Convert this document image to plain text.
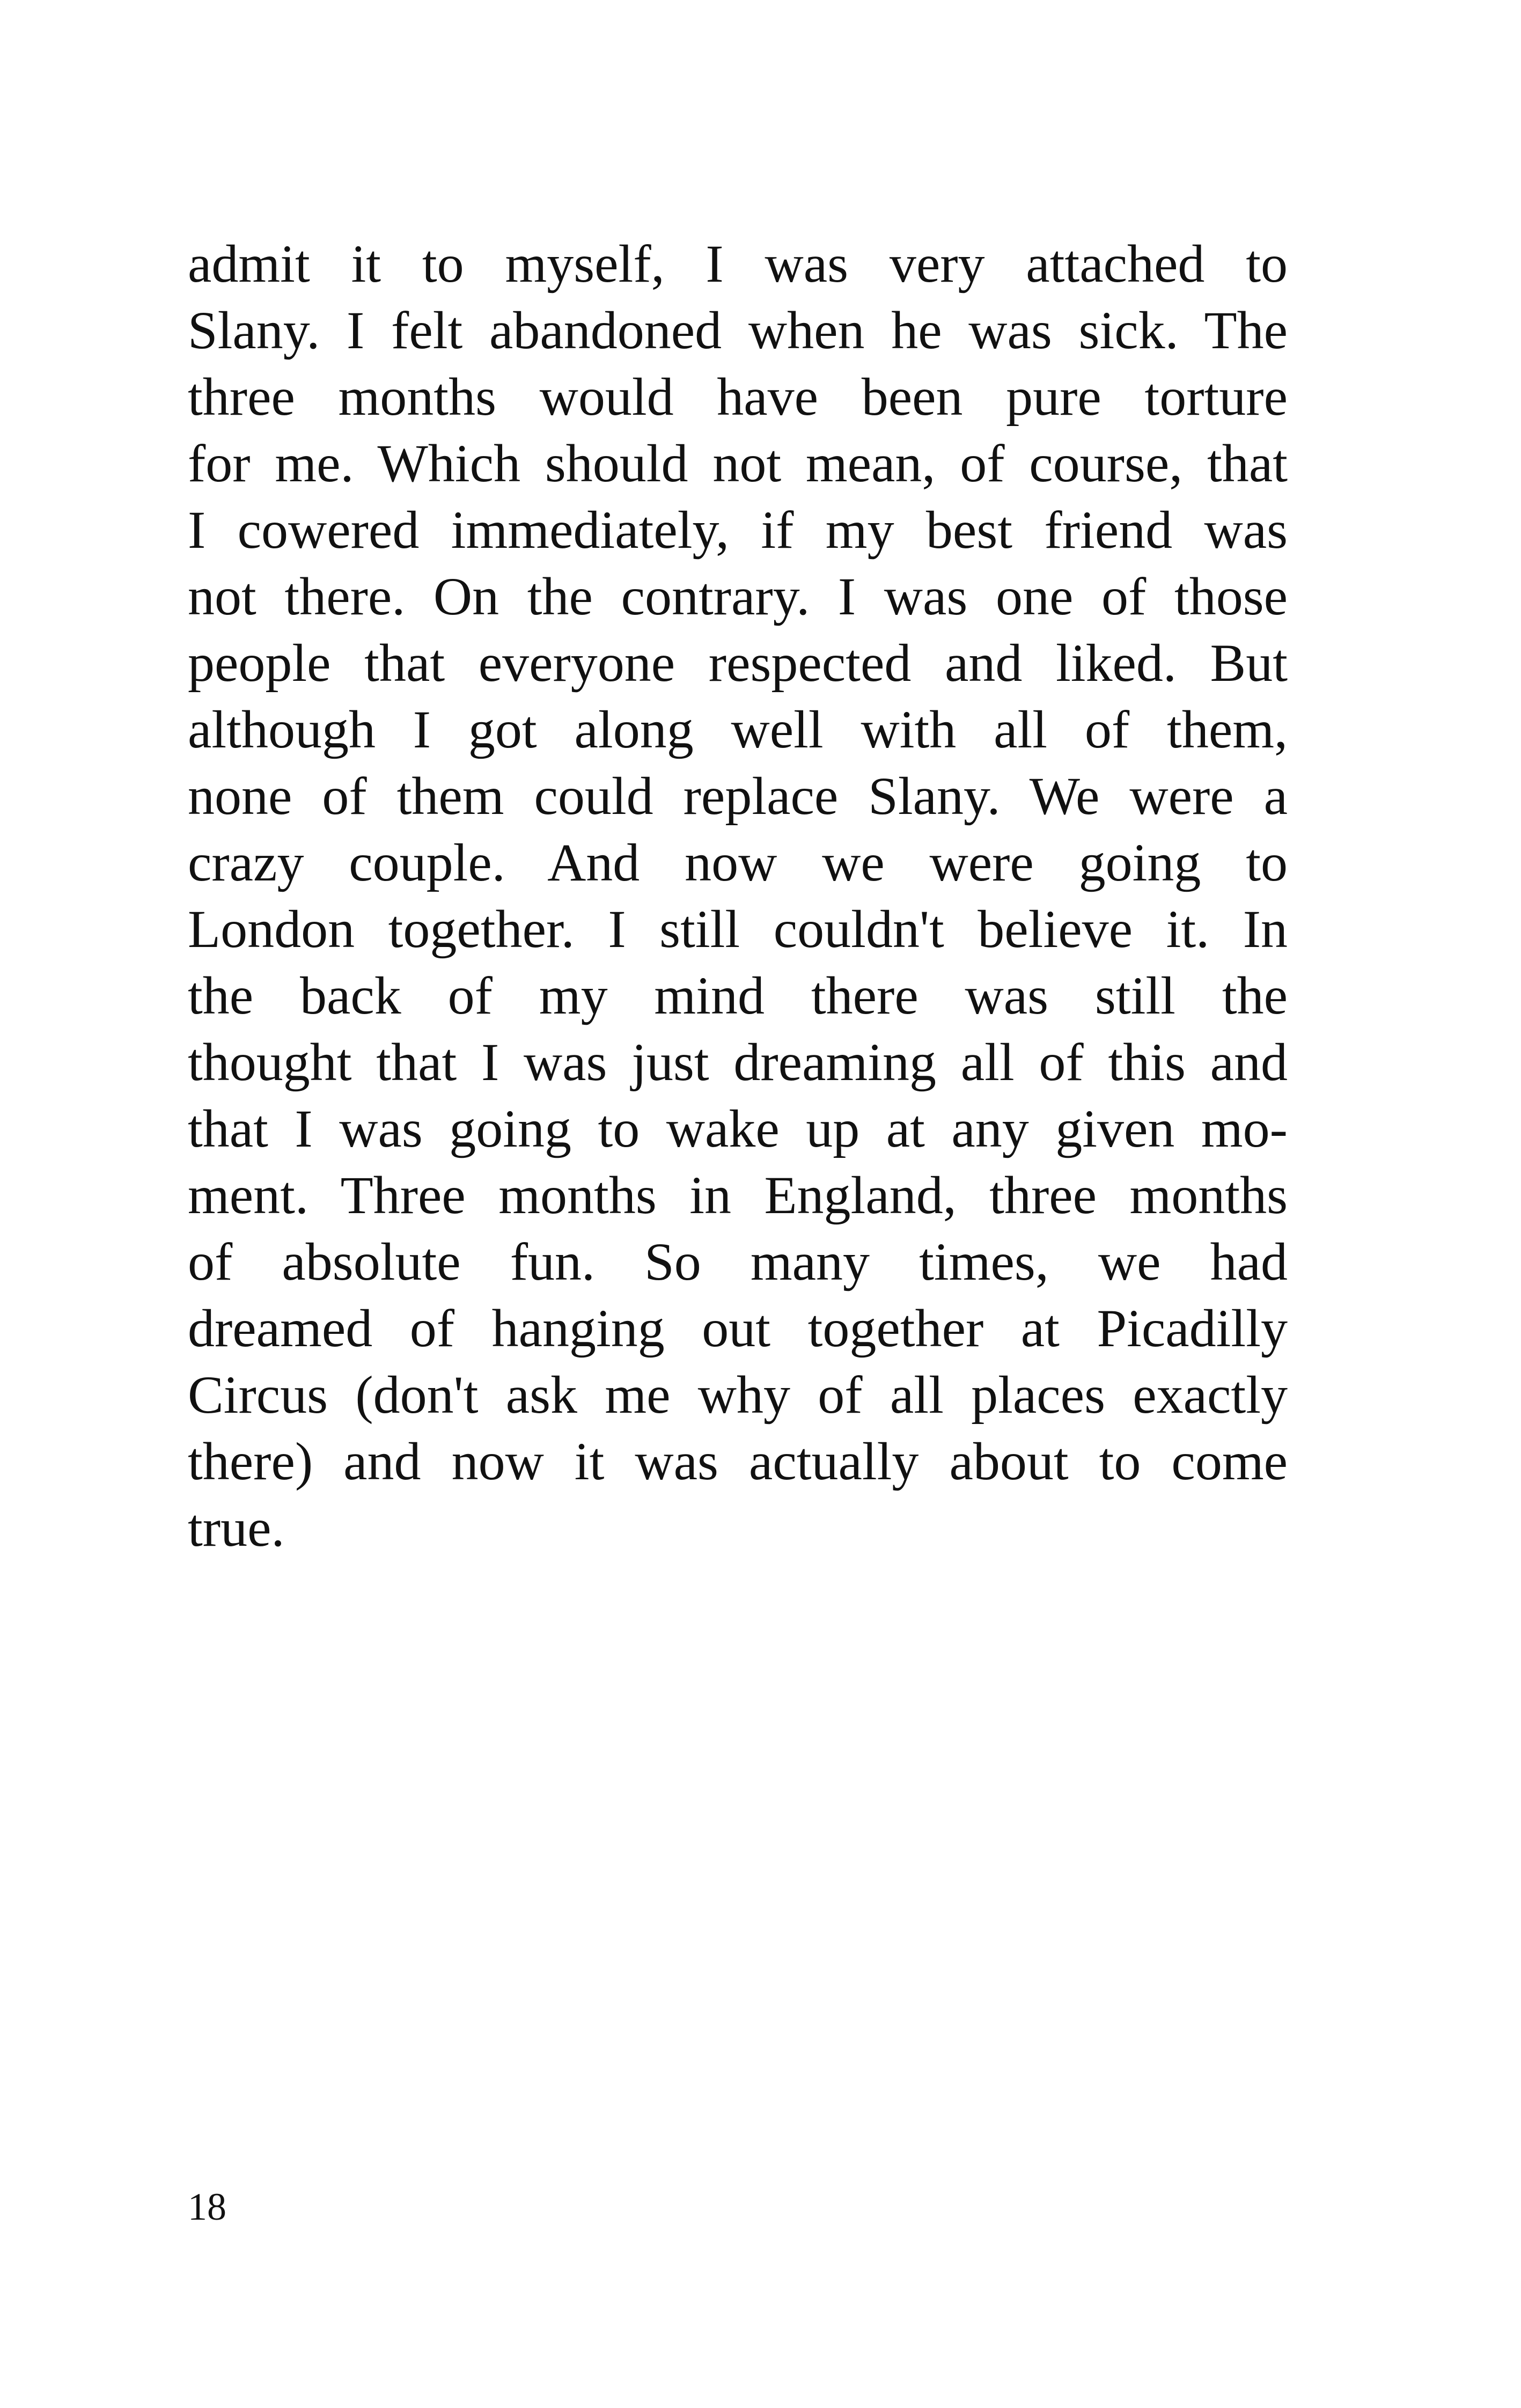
admit it to myself, I was very attached to
Slany. I felt abandoned when he was sick. The
three months would have been pure torture
for me. Which should not mean, of course, that
I cowered immediately, if my best friend was
not there. On the contrary. I was one of those
people that everyone respected and liked. But
although I got along well with all of them,
none of them could replace Slany. We were a
crazy couple. And now we were going to
London together. I still couldn't believe it. In
the back of my mind there was still the
thought that I was just dreaming all of this and
that I was going to wake up at any given mo-
ment. Three months in England, three months
of absolute fun. So many times, we had
dreamed of hanging out together at Picadilly
Circus (don't ask me why of all places exactly
there) and now it was actually about to come
true.
18
